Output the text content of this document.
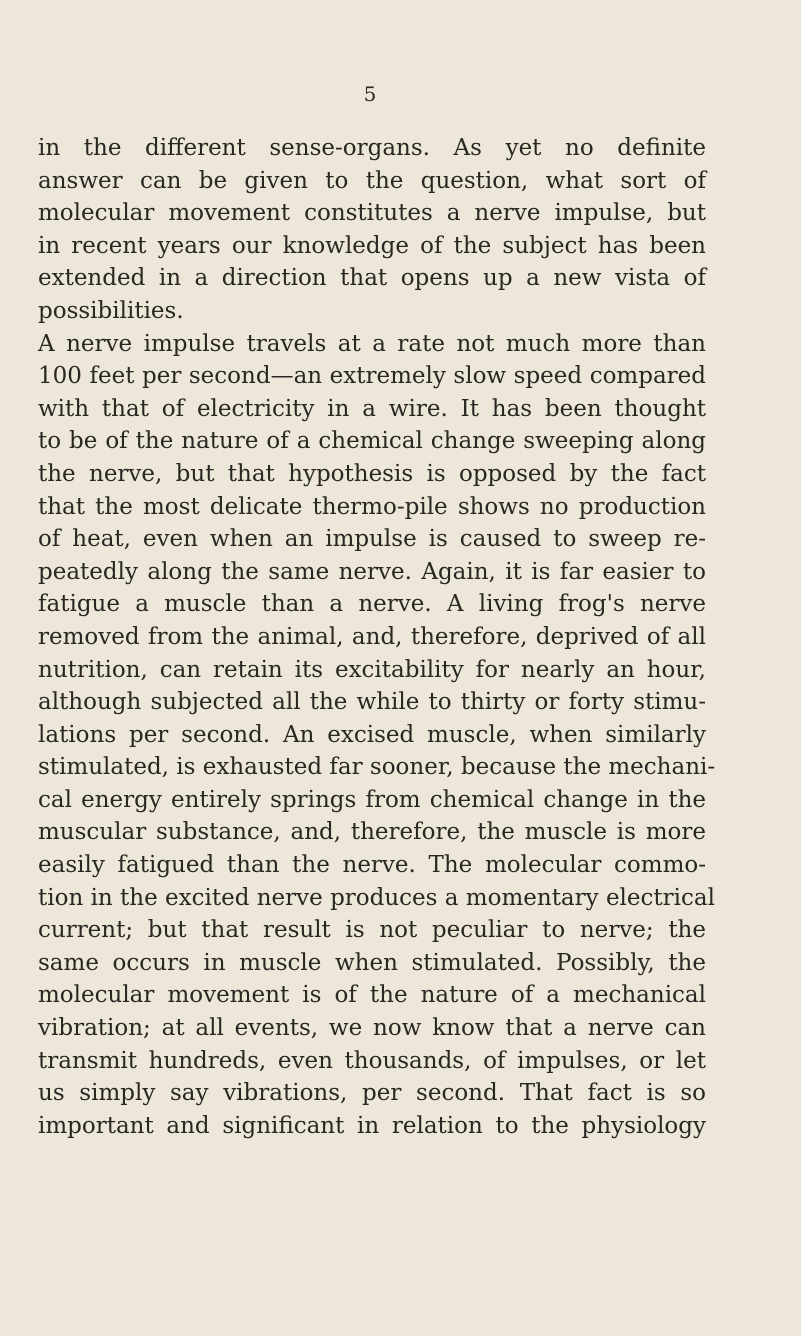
5
in the different sense-organs. As yet no definite
answer can be given to the question, what sort of
molecular movement constitutes a nerve impulse, but
in recent years our knowledge of the subject has been
extended in a direction that opens up a new vista of
possibilities.
A nerve impulse travels at a rate not much more than
100 feet per second—an extremely slow speed compared
with that of electricity in a wire. It has been thought
to be of the nature of a chemical change sweeping along
the nerve, but that hypothesis is opposed by the fact
that the most delicate thermo-pile shows no production
of heat, even when an impulse is caused to sweep re-
peatedly along the same nerve. Again, it is far easier to
fatigue a muscle than a nerve. A living frog's nerve
removed from the animal, and, therefore, deprived of all
nutrition, can retain its excitability for nearly an hour,
although subjected all the while to thirty or forty stimu-
lations per second. An excised muscle, when similarly
stimulated, is exhausted far sooner, because the mechani-
cal energy entirely springs from chemical change in the
muscular substance, and, therefore, the muscle is more
easily fatigued than the nerve. The molecular commo-
tion in the excited nerve produces a momentary electrical
current; but that result is not peculiar to nerve; the
same occurs in muscle when stimulated. Possibly, the
molecular movement is of the nature of a mechanical
vibration; at all events, we now know that a nerve can
transmit hundreds, even thousands, of impulses, or let
us simply say vibrations, per second. That fact is so
important and significant in relation to the physiology
